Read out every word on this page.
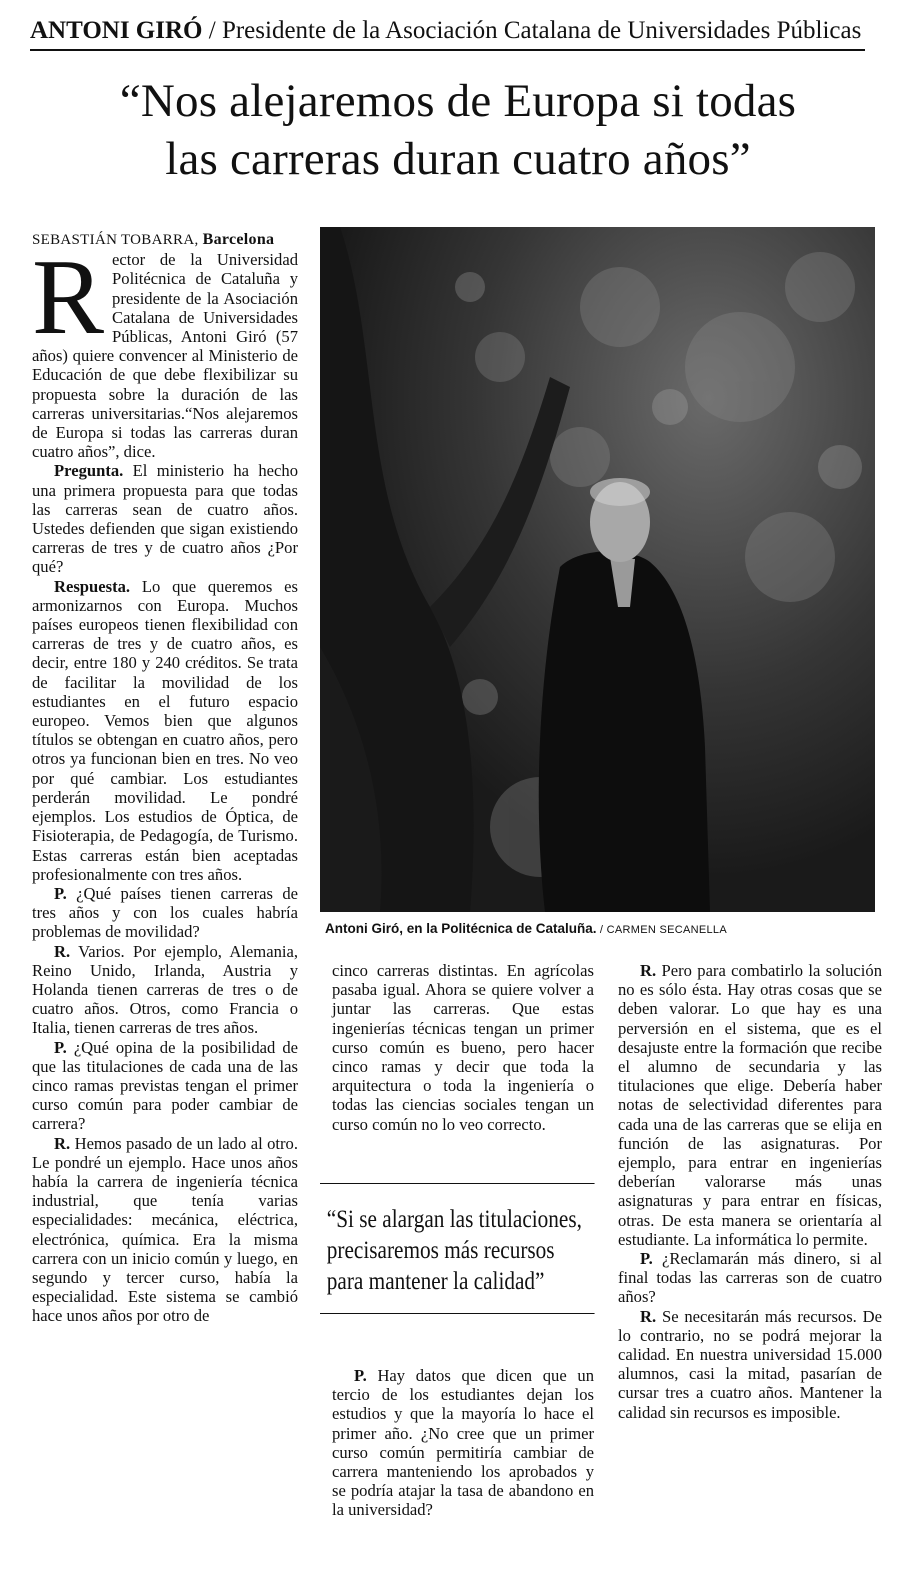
ANTONI GIRÓ / Presidente de la Asociación Catalana de Universidades Públicas
“Nos alejaremos de Europa si todas
las carreras duran cuatro años”

SEBASTIÁN TOBARRA, Barcelona

Rector de la Universidad Politécnica de Cataluña y presidente de la Asociación Catalana de Universidades Públicas, Antoni Giró (57 años) quiere convencer al Ministerio de Educación de que debe flexibilizar su propuesta sobre la duración de las carreras universitarias.“Nos alejaremos de Europa si todas las carreras duran cuatro años”, dice.

Pregunta. El ministerio ha hecho una primera propuesta para que todas las carreras sean de cuatro años. Ustedes defienden que sigan existiendo carreras de tres y de cuatro años ¿Por qué?

Respuesta. Lo que queremos es armonizarnos con Europa. Muchos países europeos tienen flexibilidad con carreras de tres y de cuatro años, es decir, entre 180 y 240 créditos. Se trata de facilitar la movilidad de los estudiantes en el futuro espacio europeo. Vemos bien que algunos títulos se obtengan en cuatro años, pero otros ya funcionan bien en tres. No veo por qué cambiar. Los estudiantes perderán movilidad. Le pondré ejemplos. Los estudios de Óptica, de Fisioterapia, de Pedagogía, de Turismo. Estas carreras están bien aceptadas profesionalmente con tres años.

P. ¿Qué países tienen carreras de tres años y con los cuales habría problemas de movilidad?

R. Varios. Por ejemplo, Alemania, Reino Unido, Irlanda, Austria y Holanda tienen carreras de tres o de cuatro años. Otros, como Francia o Italia, tienen carreras de tres años.

P. ¿Qué opina de la posibilidad de que las titulaciones de cada una de las cinco ramas previstas tengan el primer curso común para poder cambiar de carrera?

R. Hemos pasado de un lado al otro. Le pondré un ejemplo. Hace unos años había la carrera de ingeniería técnica industrial, que tenía varias especialidades: mecánica, eléctrica, electrónica, química. Era la misma carrera con un inicio común y luego, en segundo y tercer curso, había la especialidad. Este sistema se cambió hace unos años por otro de

Antoni Giró, en la Politécnica de Cataluña. / CARMEN SECANELLA

cinco carreras distintas. En agrícolas pasaba igual. Ahora se quiere volver a juntar las carreras. Que estas ingenierías técnicas tengan un primer curso común es bueno, pero hacer cinco ramas y decir que toda la arquitectura o toda la ingeniería o todas las ciencias sociales tengan un curso común no lo veo correcto.

“Si se alargan las titulaciones, precisaremos más recursos para mantener la calidad”

P. Hay datos que dicen que un tercio de los estudiantes dejan los estudios y que la mayoría lo hace el primer año. ¿No cree que un primer curso común permitiría cambiar de carrera manteniendo los aprobados y se podría atajar la tasa de abandono en la universidad?

R. Pero para combatirlo la solución no es sólo ésta. Hay otras cosas que se deben valorar. Lo que hay es una perversión en el sistema, que es el desajuste entre la formación que recibe el alumno de secundaria y las titulaciones que elige. Debería haber notas de selectividad diferentes para cada una de las carreras que se elija en función de las asignaturas. Por ejemplo, para entrar en ingenierías deberían valorarse más unas asignaturas y para entrar en físicas, otras. De esta manera se orientaría al estudiante. La informática lo permite.

P. ¿Reclamarán más dinero, si al final todas las carreras son de cuatro años?

R. Se necesitarán más recursos. De lo contrario, no se podrá mejorar la calidad. En nuestra universidad 15.000 alumnos, casi la mitad, pasarían de cursar tres a cuatro años. Mantener la calidad sin recursos es imposible.
